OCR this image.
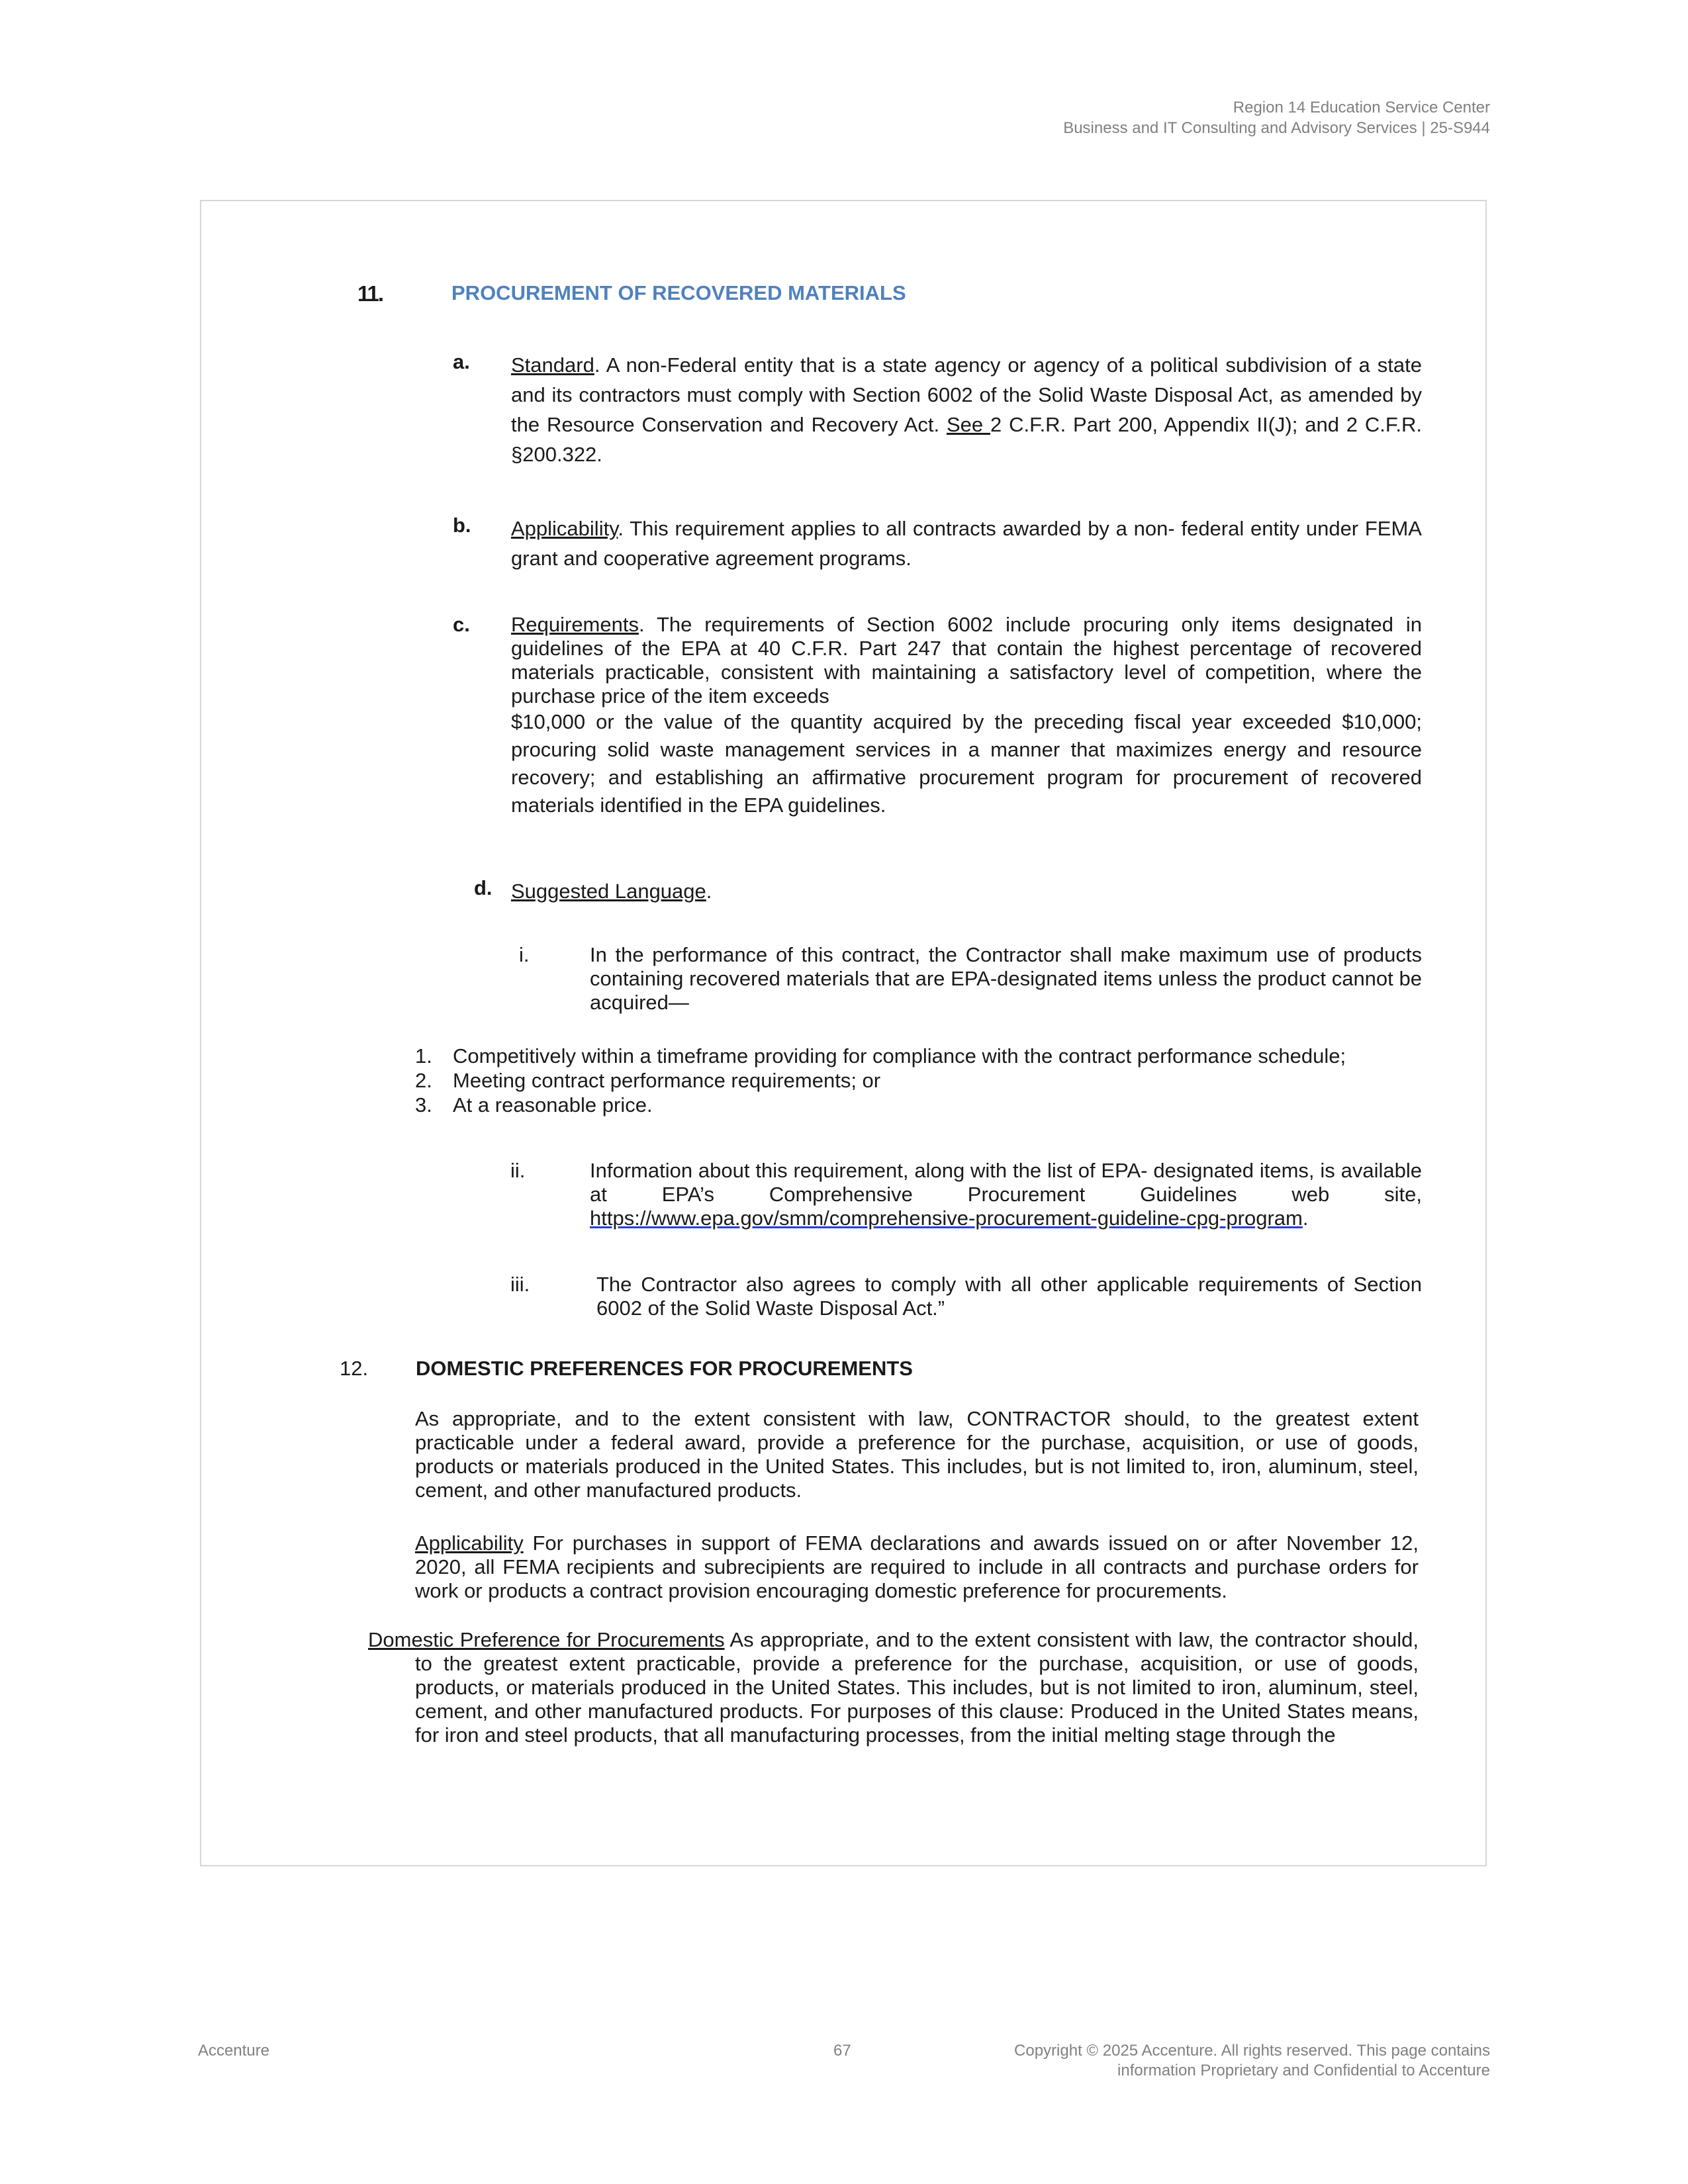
Region 14 Education Service Center
Business and IT Consulting and Advisory Services | 25-S944
11.	PROCUREMENT OF RECOVERED MATERIALS
a. Standard. A non-Federal entity that is a state agency or agency of a political subdivision of a state and its contractors must comply with Section 6002 of the Solid Waste Disposal Act, as amended by the Resource Conservation and Recovery Act. See 2 C.F.R. Part 200, Appendix II(J); and 2 C.F.R. §200.322.
b. Applicability. This requirement applies to all contracts awarded by a non- federal entity under FEMA grant and cooperative agreement programs.
c. Requirements. The requirements of Section 6002 include procuring only items designated in guidelines of the EPA at 40 C.F.R. Part 247 that contain the highest percentage of recovered materials practicable, consistent with maintaining a satisfactory level of competition, where the purchase price of the item exceeds
$10,000 or the value of the quantity acquired by the preceding fiscal year exceeded $10,000; procuring solid waste management services in a manner that maximizes energy and resource recovery; and establishing an affirmative procurement program for procurement of recovered materials identified in the EPA guidelines.
d. Suggested Language.
i.	In the performance of this contract, the Contractor shall make maximum use of products containing recovered materials that are EPA-designated items unless the product cannot be acquired—
1. Competitively within a timeframe providing for compliance with the contract performance schedule;
2. Meeting contract performance requirements; or
3. At a reasonable price.
ii.	Information about this requirement, along with the list of EPA- designated items, is available at EPA’s Comprehensive Procurement Guidelines web site, https://www.epa.gov/smm/comprehensive-procurement-guideline-cpg-program.
iii.	The Contractor also agrees to comply with all other applicable requirements of Section 6002 of the Solid Waste Disposal Act.”
12. DOMESTIC PREFERENCES FOR PROCUREMENTS
As appropriate, and to the extent consistent with law, CONTRACTOR should, to the greatest extent practicable under a federal award, provide a preference for the purchase, acquisition, or use of goods, products or materials produced in the United States. This includes, but is not limited to, iron, aluminum, steel, cement, and other manufactured products.
Applicability For purchases in support of FEMA declarations and awards issued on or after November 12, 2020, all FEMA recipients and subrecipients are required to include in all contracts and purchase orders for work or products a contract provision encouraging domestic preference for procurements.
Domestic Preference for Procurements As appropriate, and to the extent consistent with law, the contractor should, to the greatest extent practicable, provide a preference for the purchase, acquisition, or use of goods, products, or materials produced in the United States. This includes, but is not limited to iron, aluminum, steel, cement, and other manufactured products. For purposes of this clause: Produced in the United States means, for iron and steel products, that all manufacturing processes, from the initial melting stage through the
Accenture	67	Copyright © 2025 Accenture. All rights reserved. This page contains
information Proprietary and Confidential to Accenture
